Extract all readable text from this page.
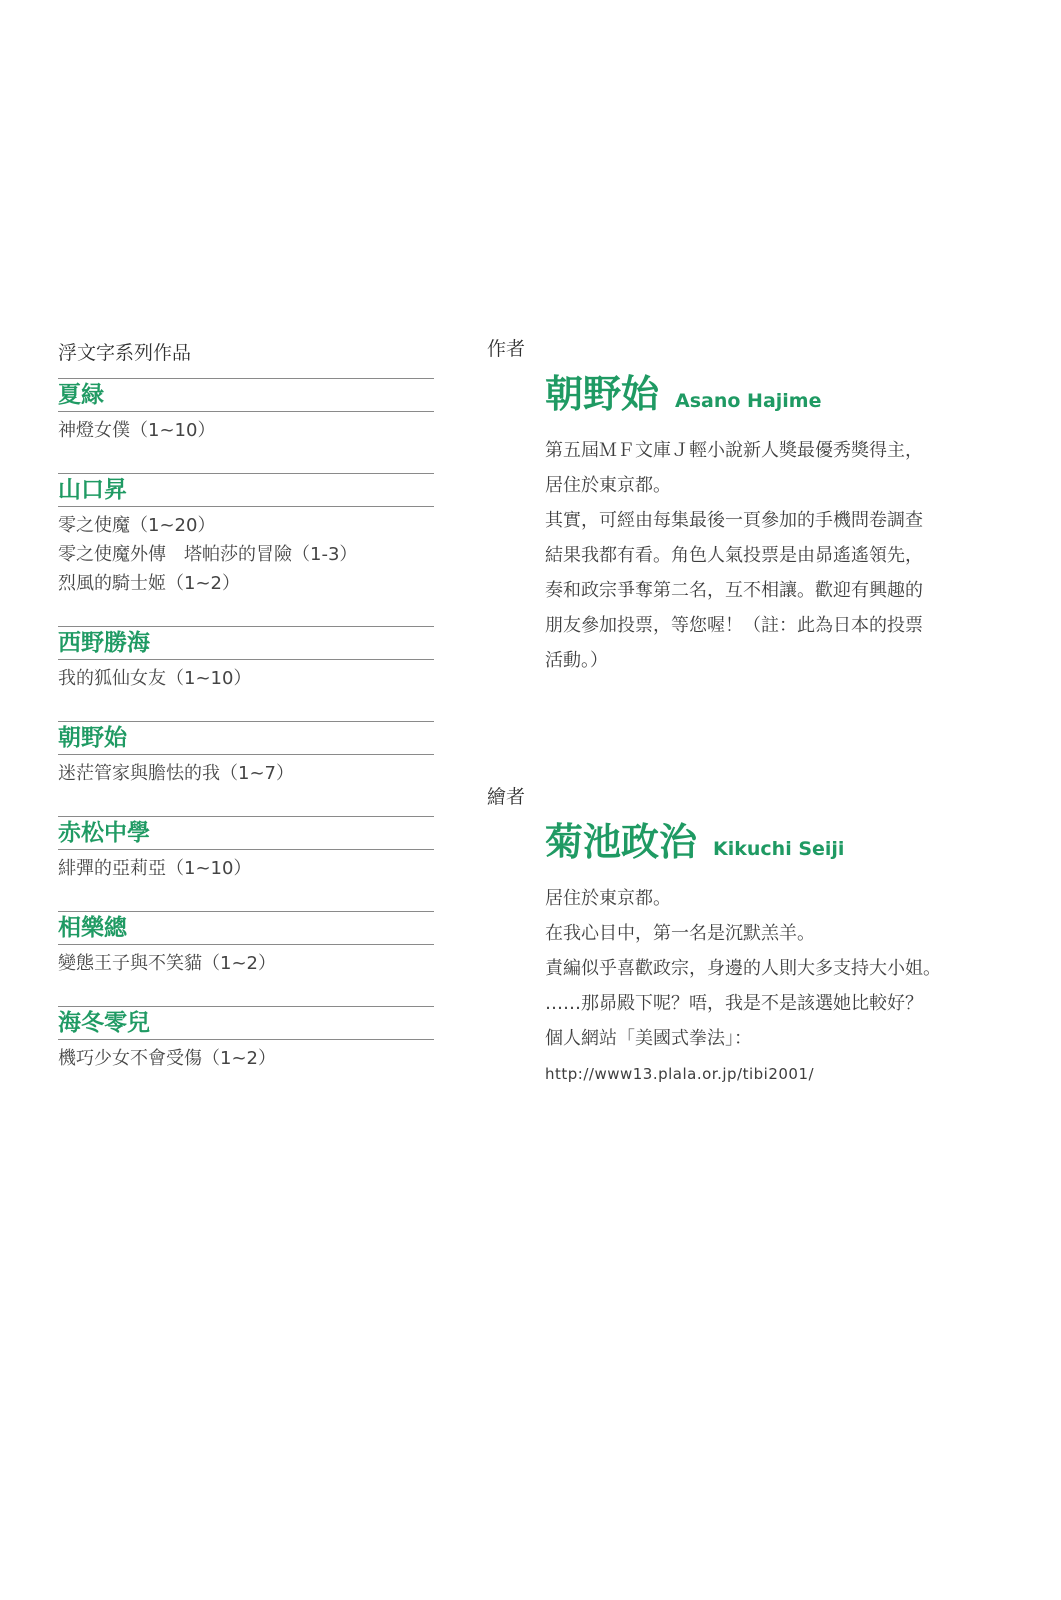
浮文字系列作品
夏緑
神燈女僕（1~10）
山口昇
零之使魔（1~20）
零之使魔外傳　塔帕莎的冒險（1-3）
烈風的騎士姬（1~2）
西野勝海
我的狐仙女友（1~10）
朝野始
迷茫管家與膽怯的我（1~7）
赤松中學
緋彈的亞莉亞（1~10）
相樂總
變態王子與不笑貓（1~2）
海冬零兒
機巧少女不會受傷（1~2）
作者
朝野始 Asano Hajime

第五屆ＭＦ文庫Ｊ輕小說新人獎最優秀獎得主，

居住於東京都。

其實，可經由每集最後一頁參加的手機問卷調查

結果我都有看。角色人氣投票是由昴遙遙領先，

奏和政宗爭奪第二名，互不相讓。歡迎有興趣的

朋友參加投票，等您喔！（註：此為日本的投票

活動。）

繪者
菊池政治 Kikuchi Seiji

居住於東京都。

在我心目中，第一名是沉默羔羊。

責編似乎喜歡政宗，身邊的人則大多支持大小姐。

……那昴殿下呢？唔，我是不是該選她比較好？

個人網站「美國式拳法」：

http://www13.plala.or.jp/tibi2001/
